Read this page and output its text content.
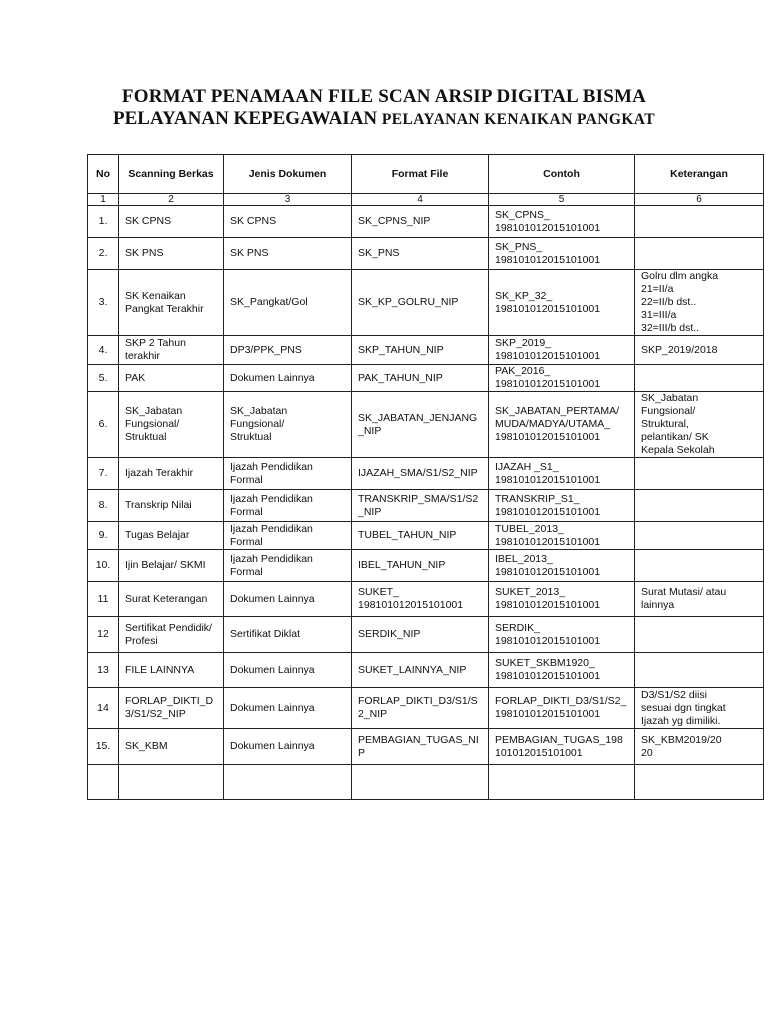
FORMAT PENAMAAN FILE SCAN ARSIP DIGITAL BISMA
PELAYANAN KEPEGAWAIAN PELAYANAN KENAIKAN PANGKAT
No	Scanning Berkas	Jenis Dokumen	Format File	Contoh	Keterangan
1	2	3	4	5	6
1.	SK CPNS	SK CPNS	SK_CPNS_NIP	SK_CPNS_
198101012015101001	
2.	SK PNS	SK PNS	SK_PNS	SK_PNS_
198101012015101001	
3.	SK Kenaikan
Pangkat Terakhir	SK_Pangkat/Gol	SK_KP_GOLRU_NIP	SK_KP_32_
198101012015101001	Golru dlm angka
21=II/a
22=II/b dst..
31=III/a
32=III/b dst..
4.	SKP 2 Tahun
terakhir	DP3/PPK_PNS	SKP_TAHUN_NIP	SKP_2019_
198101012015101001	SKP_2019/2018
5.	PAK	Dokumen Lainnya	PAK_TAHUN_NIP	PAK_2016_
198101012015101001	
6.	SK_Jabatan
Fungsional/
Struktual	SK_Jabatan
Fungsional/
Struktual	SK_JABATAN_JENJANG
_NIP	SK_JABATAN_PERTAMA/
MUDA/MADYA/UTAMA_
198101012015101001	SK_Jabatan
Fungsional/
Struktural,
pelantikan/ SK
Kepala Sekolah
7.	Ijazah Terakhir	Ijazah Pendidikan
Formal	IJAZAH_SMA/S1/S2_NIP	IJAZAH _S1_
198101012015101001	
8.	Transkrip Nilai	Ijazah Pendidikan
Formal	TRANSKRIP_SMA/S1/S2
_NIP	TRANSKRIP_S1_
198101012015101001	
9.	Tugas Belajar	Ijazah Pendidikan
Formal	TUBEL_TAHUN_NIP	TUBEL_2013_
198101012015101001	
10.	Ijin Belajar/ SKMI	Ijazah Pendidikan
Formal	IBEL_TAHUN_NIP	IBEL_2013_
198101012015101001	
11	Surat Keterangan	Dokumen Lainnya	SUKET_
198101012015101001	SUKET_2013_
198101012015101001	Surat Mutasi/ atau
lainnya
12	Sertifikat Pendidik/
Profesi	Sertifikat Diklat	SERDIK_NIP	SERDIK_
198101012015101001	
13	FILE LAINNYA	Dokumen Lainnya	SUKET_LAINNYA_NIP	SUKET_SKBM1920_
198101012015101001	
14	FORLAP_DIKTI_D
3/S1/S2_NIP	Dokumen Lainnya	FORLAP_DIKTI_D3/S1/S
2_NIP	FORLAP_DIKTI_D3/S1/S2_
198101012015101001	D3/S1/S2 diisi
sesuai dgn tingkat
Ijazah yg dimiliki.
15.	SK_KBM	Dokumen Lainnya	PEMBAGIAN_TUGAS_NI
P	PEMBAGIAN_TUGAS_198
101012015101001	SK_KBM2019/20
20
